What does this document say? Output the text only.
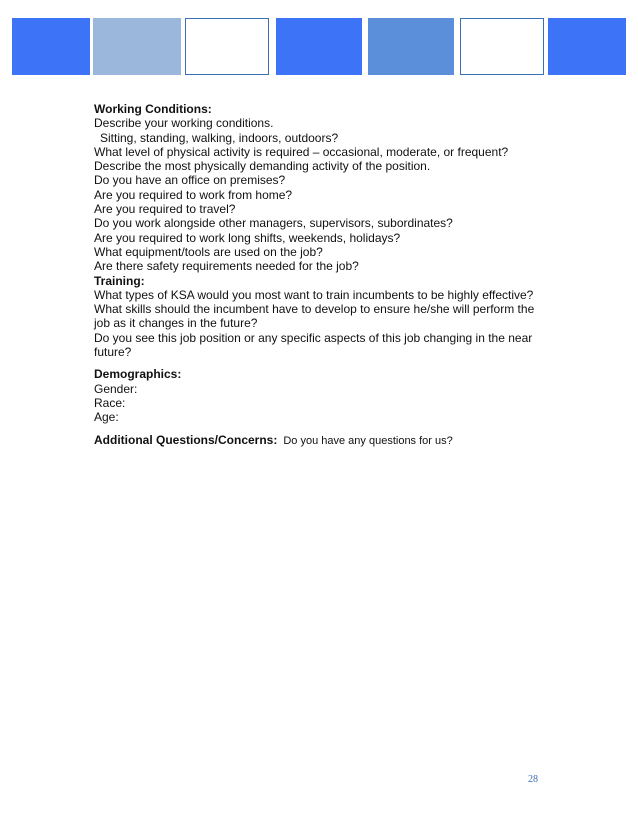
Working Conditions:
Describe your working conditions.
Sitting, standing, walking, indoors, outdoors?
What level of physical activity is required – occasional, moderate, or frequent?
Describe the most physically demanding activity of the position.
Do you have an office on premises?
Are you required to work from home?
Are you required to travel?
Do you work alongside other managers, supervisors, subordinates?
Are you required to work long shifts, weekends, holidays?
What equipment/tools are used on the job?
Are there safety requirements needed for the job?
Training:
What types of KSA would you most want to train incumbents to be highly effective?
What skills should the incumbent have to develop to ensure he/she will perform the job as it changes in the future?
Do you see this job position or any specific aspects of this job changing in the near future?
Demographics:
Gender:
Race:
Age:
Additional Questions/Concerns: Do you have any questions for us?
28
